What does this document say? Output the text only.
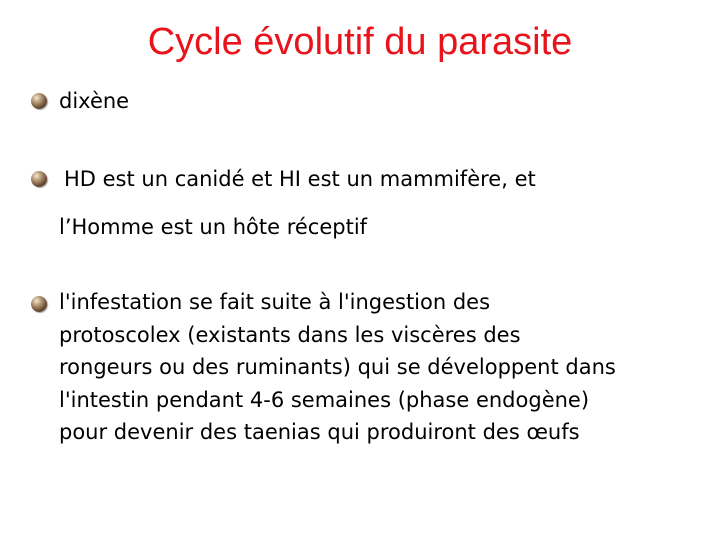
Cycle évolutif du parasite
dixène
HD est un canidé et HI est un mammifère, et
l’Homme est un hôte réceptif
l'infestation se fait suite à l'ingestion des
protoscolex (existants dans les viscères des
rongeurs ou des ruminants) qui se développent dans
l'intestin pendant 4-6 semaines (phase endogène)
pour devenir des taenias qui produiront des œufs
